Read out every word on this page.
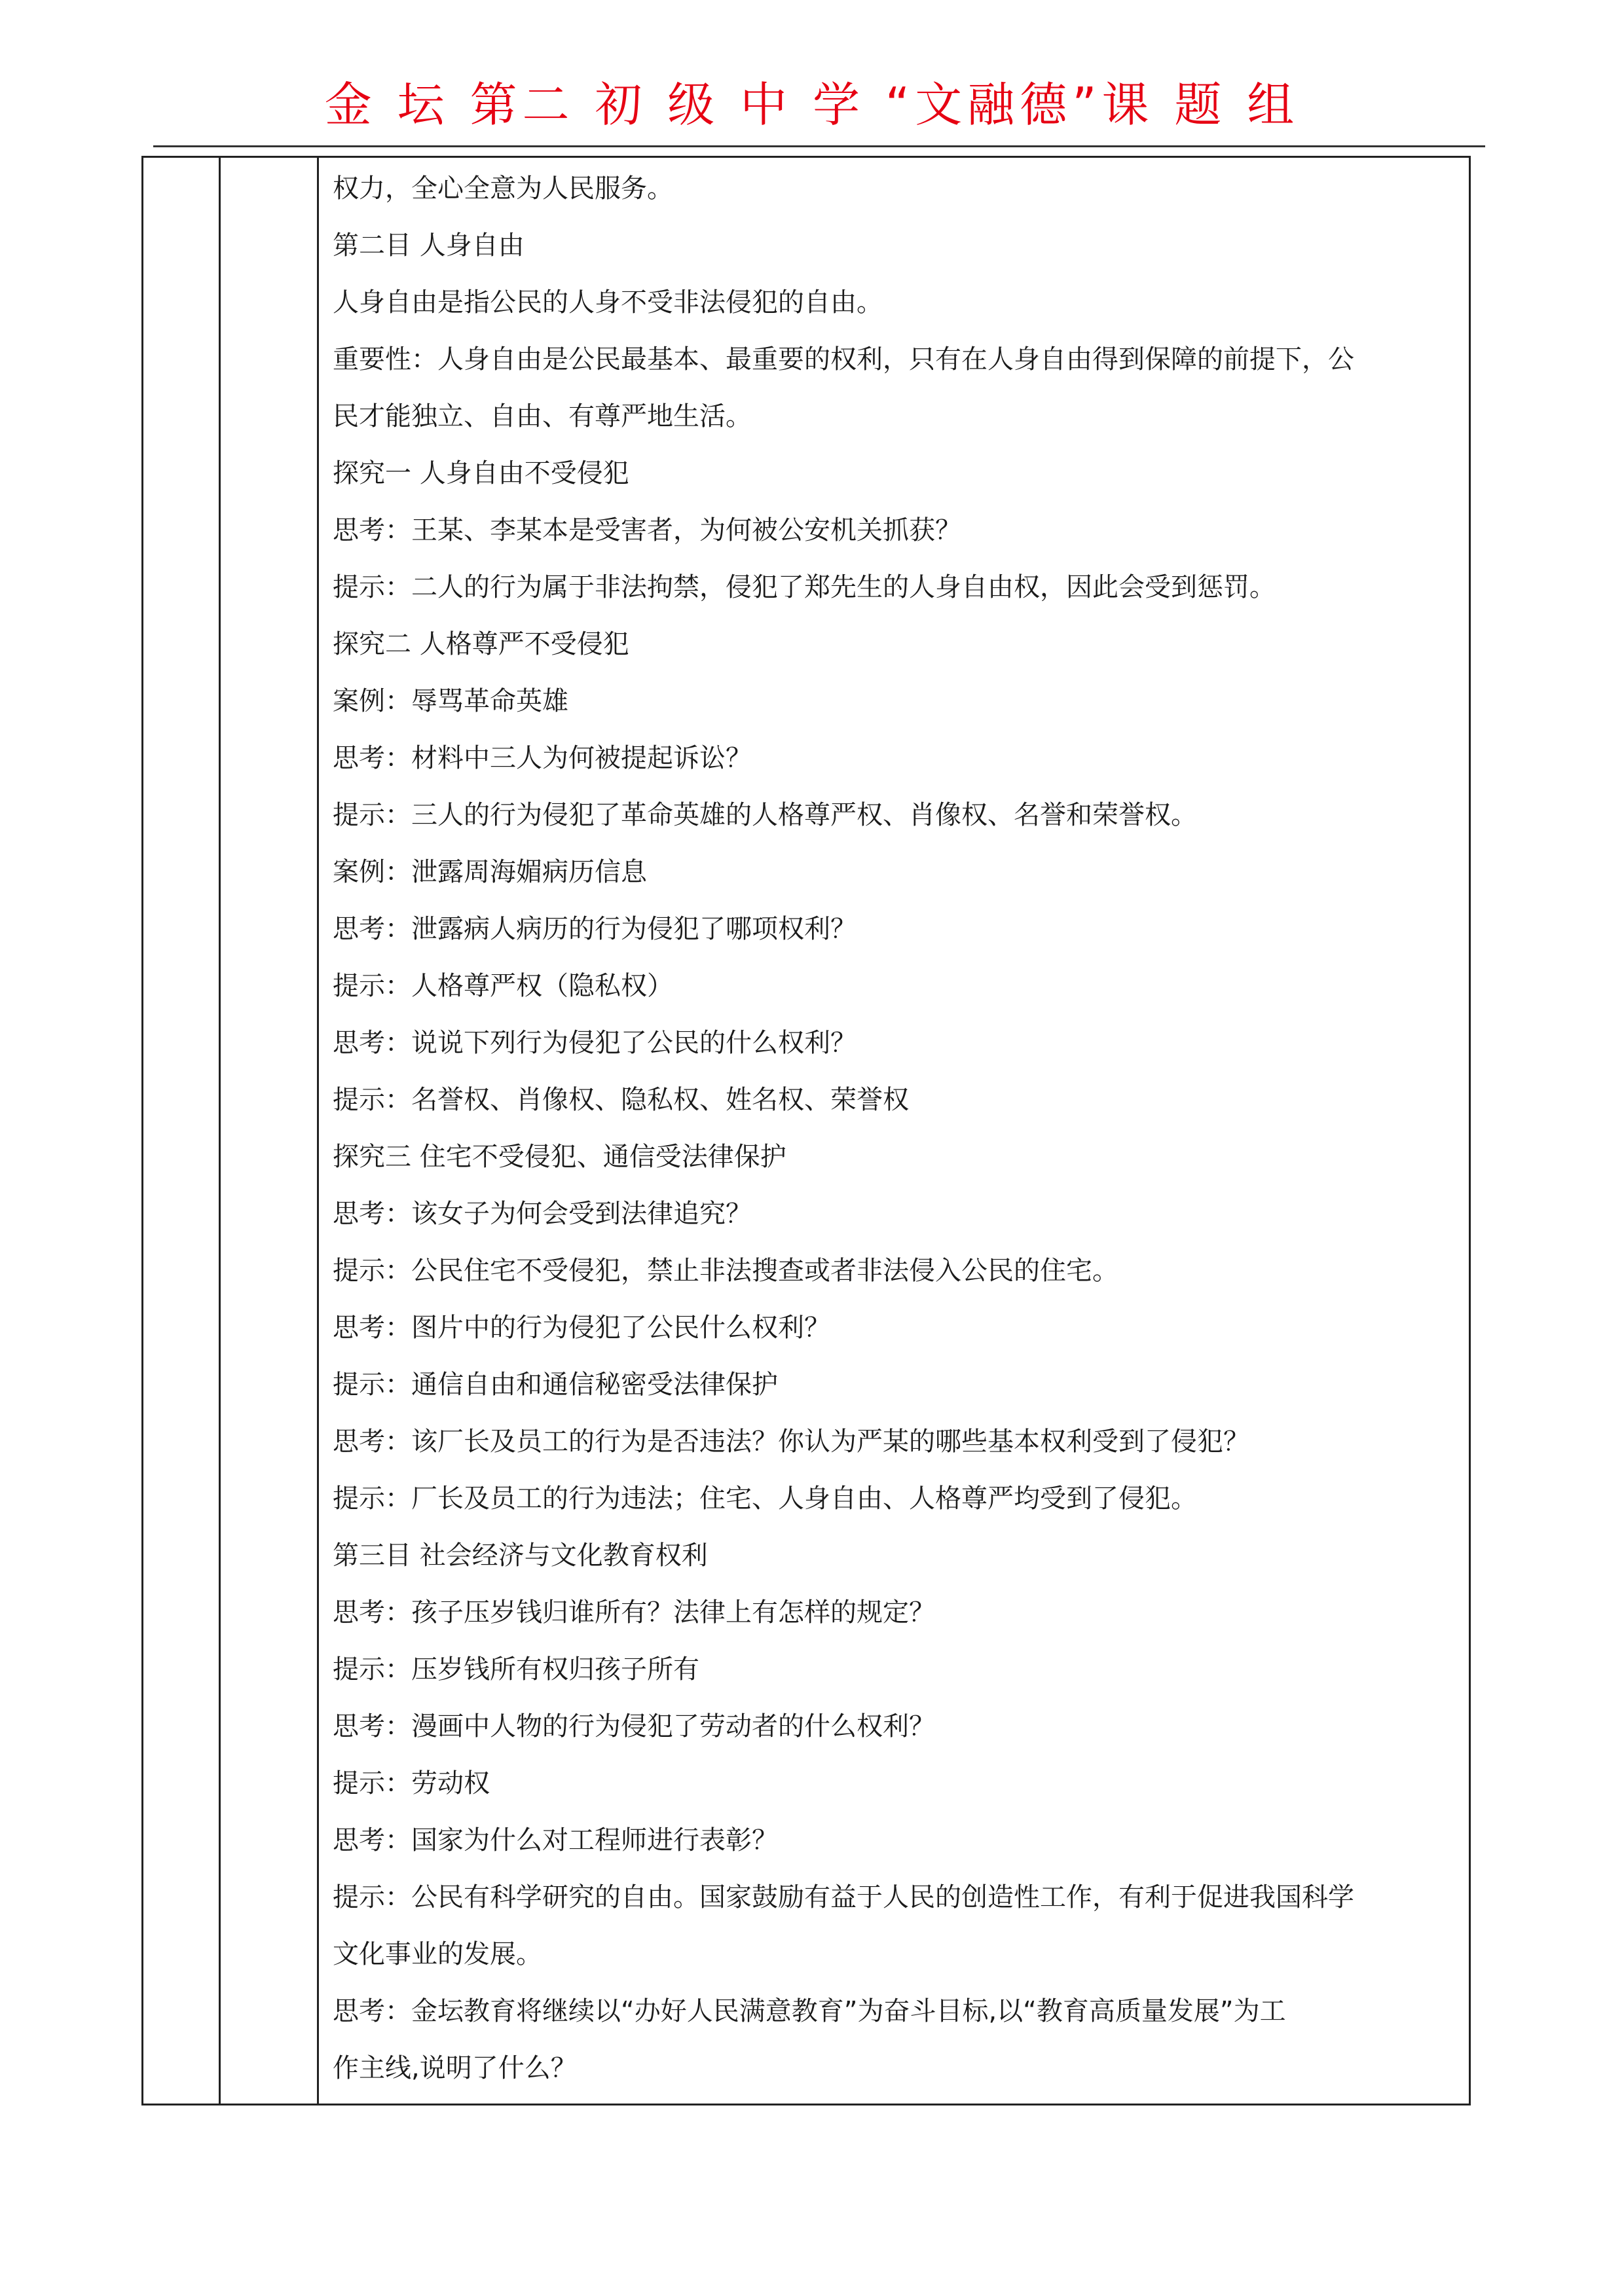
金 坛 第二 初 级 中 学 “文融德”课 题 组
权力，全心全意为人民服务。
第二目 人身自由
人身自由是指公民的人身不受非法侵犯的自由。
重要性：人身自由是公民最基本、最重要的权利，只有在人身自由得到保障的前提下，公
民才能独立、自由、有尊严地生活。
探究一 人身自由不受侵犯
思考：王某、李某本是受害者，为何被公安机关抓获？
提示：二人的行为属于非法拘禁，侵犯了郑先生的人身自由权，因此会受到惩罚。
探究二 人格尊严不受侵犯
案例：辱骂革命英雄
思考：材料中三人为何被提起诉讼？
提示：三人的行为侵犯了革命英雄的人格尊严权、肖像权、名誉和荣誉权。
案例：泄露周海媚病历信息
思考：泄露病人病历的行为侵犯了哪项权利？
提示：人格尊严权（隐私权）
思考：说说下列行为侵犯了公民的什么权利？
提示：名誉权、肖像权、隐私权、姓名权、荣誉权
探究三 住宅不受侵犯、通信受法律保护
思考：该女子为何会受到法律追究？
提示：公民住宅不受侵犯，禁止非法搜查或者非法侵入公民的住宅。
思考：图片中的行为侵犯了公民什么权利？
提示：通信自由和通信秘密受法律保护
思考：该厂长及员工的行为是否违法？你认为严某的哪些基本权利受到了侵犯？
提示：厂长及员工的行为违法；住宅、人身自由、人格尊严均受到了侵犯。
第三目 社会经济与文化教育权利
思考：孩子压岁钱归谁所有？法律上有怎样的规定？
提示：压岁钱所有权归孩子所有
思考：漫画中人物的行为侵犯了劳动者的什么权利？
提示：劳动权
思考：国家为什么对工程师进行表彰？
提示：公民有科学研究的自由。国家鼓励有益于人民的创造性工作，有利于促进我国科学
文化事业的发展。
思考：金坛教育将继续以“办好人民满意教育”为奋斗目标,以“教育高质量发展”为工
作主线,说明了什么？
